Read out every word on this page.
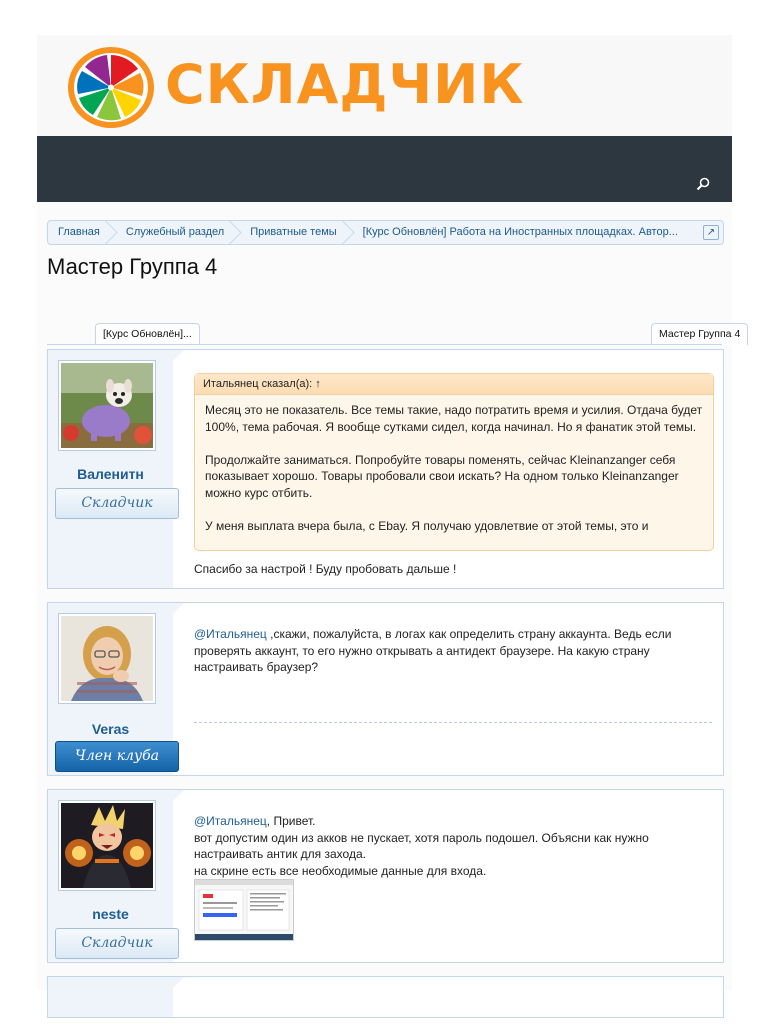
СКЛАДЧИК
Главная	Служебный раздел	Приватные темы	[Курс Обновлён] Работа на Иностранных площадках. Автор...	↗
Мастер Группа 4
[Курс Обновлён]...	Мастер Группа 4
Валенитн
Складчик
Итальянец сказал(а): ↑

Месяц это не показатель. Все темы такие, надо потратить время и усилия. Отдача будет 100%, тема рабочая. Я вообще сутками сидел, когда начинал. Но я фанатик этой темы.

Продолжайте заниматься. Попробуйте товары поменять, сейчас Kleinanzanger себя показывает хорошо. Товары пробовали свои искать? На одном только Kleinanzanger можно курс отбить.

У меня выплата вчера была, с Ebay. Я получаю удовлетвие от этой темы, это и

Спасибо за настрой ! Буду пробовать дальше !
Veras
Член клуба
@Итальянец ,скажи, пожалуйста, в логах как определить страну аккаунта. Ведь если проверять аккаунт, то его нужно открывать а антидект браузере. На какую страну настраивать браузер?
neste
Складчик
@Итальянец, Привет.
вот допустим один из акков не пускает, хотя пароль подошел. Объясни как нужно настраивать антик для захода.
на скрине есть все необходимые данные для входа.
